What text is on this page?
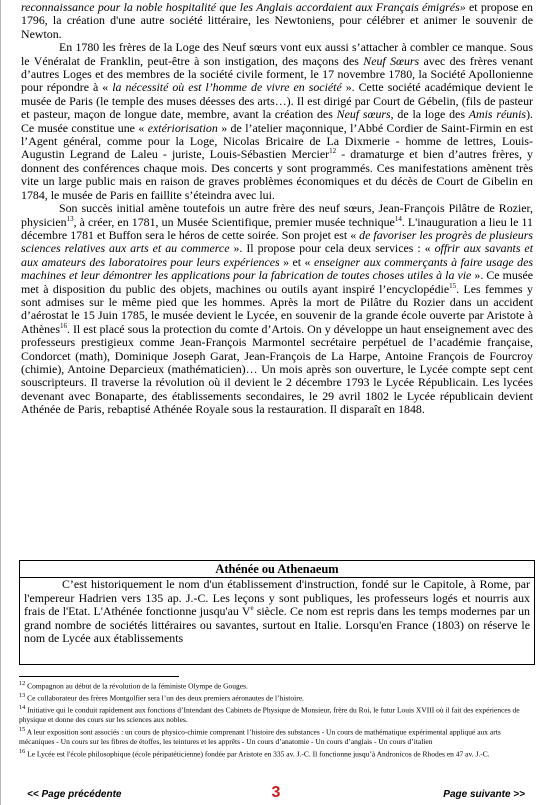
reconnaissance pour la noble hospitalité que les Anglais accordaient aux Français émigrés» et propose en 1796, la création d'une autre société littéraire, les Newtoniens, pour célébrer et animer le souvenir de Newton.

En 1780 les frères de la Loge des Neuf sœurs vont eux aussi s’attacher à combler ce manque. Sous le Vénéralat de Franklin, peut-être à son instigation, des maçons des Neuf Sœurs avec des frères venant d’autres Loges et des membres de la société civile forment, le 17 novembre 1780, la Société Apollonienne pour répondre à « la nécessité où est l’homme de vivre en société ». Cette société académique devient le musée de Paris (le temple des muses déesses des arts…). Il est dirigé par Court de Gébelin, (fils de pasteur et pasteur, maçon de longue date, membre, avant la création des Neuf sœurs, de la loge des Amis réunis). Ce musée constitue une « extériorisation » de l’atelier maçonnique, l’Abbé Cordier de Saint-Firmin en est l’Agent général, comme pour la Loge, Nicolas Bricaire de La Dixmerie - homme de lettres, Louis-Augustin Legrand de Laleu - juriste, Louis-Sébastien Mercier$^{12}$ - dramaturge et bien d’autres frères, y donnent des conférences chaque mois. Des concerts y sont programmés. Ces manifestations amènent très vite un large public mais en raison de graves problèmes économiques et du décès de Court de Gibelin en 1784, le musée de Paris en faillite s’éteindra avec lui.

Son succès initial amène toutefois un autre frère des neuf sœurs, Jean-François Pilâtre de Rozier, physicien$^{13}$, à créer, en 1781, un Musée Scientifique, premier musée technique$^{14}$. L'inauguration a lieu le 11 décembre 1781 et Buffon sera le héros de cette soirée. Son projet est « de favoriser les progrès de plusieurs sciences relatives aux arts et au commerce ». Il propose pour cela deux services : « offrir aux savants et aux amateurs des laboratoires pour leurs expériences » et « enseigner aux commerçants à faire usage des machines et leur démontrer les applications pour la fabrication de toutes choses utiles à la vie ». Ce musée met à disposition du public des objets, machines ou outils ayant inspiré l’encyclopédie$^{15}$. Les femmes y sont admises sur le même pied que les hommes. Après la mort de Pilâtre du Rozier dans un accident d’aérostat le 15 Juin 1785, le musée devient le Lycée, en souvenir de la grande école ouverte par Aristote à Athènes$^{16}$. Il est placé sous la protection du comte d’Artois. On y développe un haut enseignement avec des professeurs prestigieux comme Jean-François Marmontel secrétaire perpétuel de l’académie française, Condorcet (math), Dominique Joseph Garat, Jean-François de La Harpe, Antoine François de Fourcroy (chimie), Antoine Deparcieux (mathématicien)… Un mois après son ouverture, le Lycée compte sept cent souscripteurs. Il traverse la révolution où il devient le 2 décembre 1793 le Lycée Républicain. Les lycées devenant avec Bonaparte, des établissements secondaires, le 29 avril 1802 le Lycée républicain devient Athénée de Paris, rebaptisé Athénée Royale sous la restauration. Il disparaît en 1848.

Athénée ou Athenaeum

C’est historiquement le nom d'un établissement d'instruction, fondé sur le Capitole, à Rome, par l'empereur Hadrien vers 135 ap. J.-C. Les leçons y sont publiques, les professeurs logés et nourris aux frais de l'Etat. L'Athénée fonctionne jusqu'au Ve siècle. Ce nom est repris dans les temps modernes par un grand nombre de sociétés littéraires ou savantes, surtout en Italie. Lorsqu'en France (1803) on réserve le nom de Lycée aux établissements

$^{12}$ Compagnon au début de la révolution de la féministe Olympe de Gouges.

$^{13}$ Ce collaborateur des frères Montgolfier sera l’un des deux premiers aéronautes de l’histoire.

$^{14}$ Initiative qui le conduit rapidement aux fonctions d’Intendant des Cabinets de Physique de Monsieur, frère du Roi, le futur Louis XVIII où il fait des expériences de physique et donne des cours sur les sciences aux nobles.

$^{15}$ A leur exposition sont associés : un cours de physico-chimie comprenant l’histoire des substances - Un cours de mathématique expérimental appliqué aux arts mécaniques - Un cours sur les fibres de étoffes, les teintures et les apprêts - Un cours d’anatomie - Un cours d’anglais - Un cours d’italien

$^{16}$ Le Lycée est l'école philosophique (école péripatéticienne) fondée par Aristote en 335 av. J.-C. Il fonctionne jusqu’à Andronicos de Rhodes en 47 av. J.-C.

<< Page précédente	3	Page suivante >>
